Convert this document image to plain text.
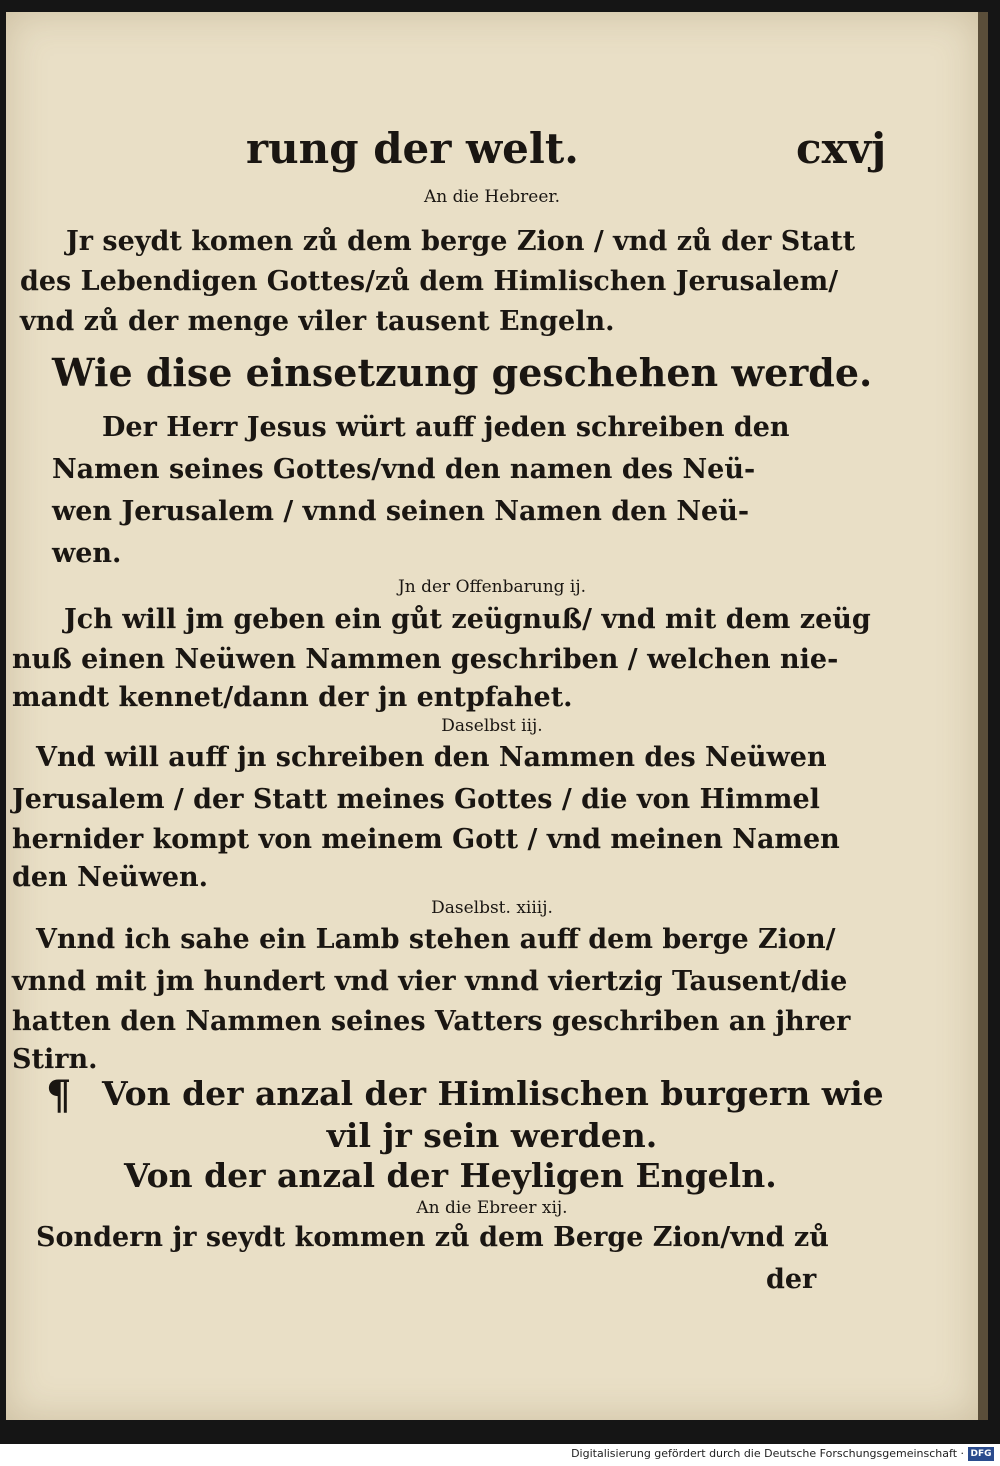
rung der welt.	cxvj

An die Hebreer.

Jr seydt komen zů dem berge Zion / vnd zů der Statt

des Lebendigen Gottes/zů dem Himlischen Jerusalem/

vnd zů der menge viler tausent Engeln.

Wie dise einsetzung geschehen werde.

Der Herr Jesus würt auff jeden schreiben den

Namen seines Gottes/vnd den namen des Neü-

wen Jerusalem / vnnd seinen Namen den Neü-

wen.

Jn der Offenbarung ij.

Jch will jm geben ein gůt zeügnuß/ vnd mit dem zeüg

nuß einen Neüwen Nammen geschriben / welchen nie-

mandt kennet/dann der jn entpfahet.

Daselbst iij.

Vnd will auff jn schreiben den Nammen des Neüwen

Jerusalem / der Statt meines Gottes / die von Himmel

hernider kompt von meinem Gott / vnd meinen Namen

den Neüwen.

Daselbst. xiiij.

Vnnd ich sahe ein Lamb stehen auff dem berge Zion/

vnnd mit jm hundert vnd vier vnnd viertzig Tausent/die

hatten den Nammen seines Vatters geschriben an jhrer

Stirn.

¶ Von der anzal der Himlischen burgern wie

vil jr sein werden.

Von der anzal der Heyligen Engeln.

An die Ebreer xij.

Sondern jr seydt kommen zů dem Berge Zion/vnd zů

der

Digitalisierung gefördert durch die Deutsche Forschungsgemeinschaft · DFG
